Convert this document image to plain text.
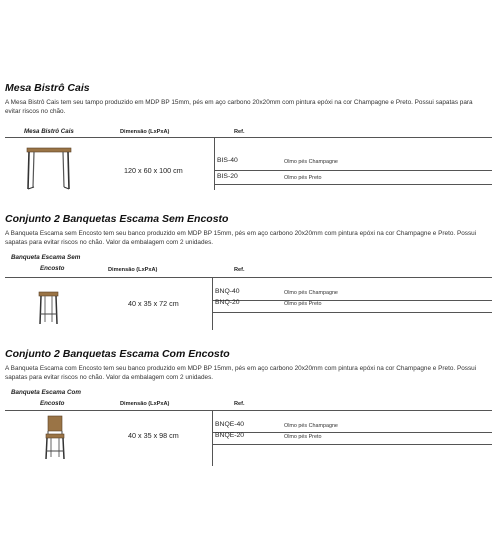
Mesa Bistrô Cais
A Mesa Bistrô Cais tem seu tampo produzido em MDP BP 15mm, pés em aço carbono 20x20mm com pintura epóxi na cor Champagne e Preto. Possui sapatas para evitar riscos no chão.
Mesa Bistrô Cais	Dimensão (LxPxA)	Ref.
120 x 60 x 100 cm
BIS-40	Olmo pés Champagne
BIS-20	Olmo pés Preto
Conjunto 2 Banquetas Escama Sem Encosto
A Banqueta Escama sem Encosto tem seu banco produzido em MDP BP 15mm, pés em aço carbono 20x20mm com pintura epóxi na cor Champagne e Preto. Possui sapatas para evitar riscos no chão. Valor da embalagem com 2 unidades.
Banqueta Escama Sem
Encosto	Dimensão (LxPxA)	Ref.
40 x 35 x 72 cm
BNQ-40	Olmo pés Champagne
BNQ-20	Olmo pés Preto
Conjunto 2 Banquetas Escama Com Encosto
A Banqueta Escama com Encosto tem seu banco produzido em MDP BP 15mm, pés em aço carbono 20x20mm com pintura epóxi na cor Champagne e Preto. Possui sapatas para evitar riscos no chão. Valor da embalagem com 2 unidades.
Banqueta Escama Com
Encosto	Dimensão (LxPxA)	Ref.
40 x 35 x 98 cm
BNQE-40	Olmo pés Champagne
BNQE-20	Olmo pés Preto
